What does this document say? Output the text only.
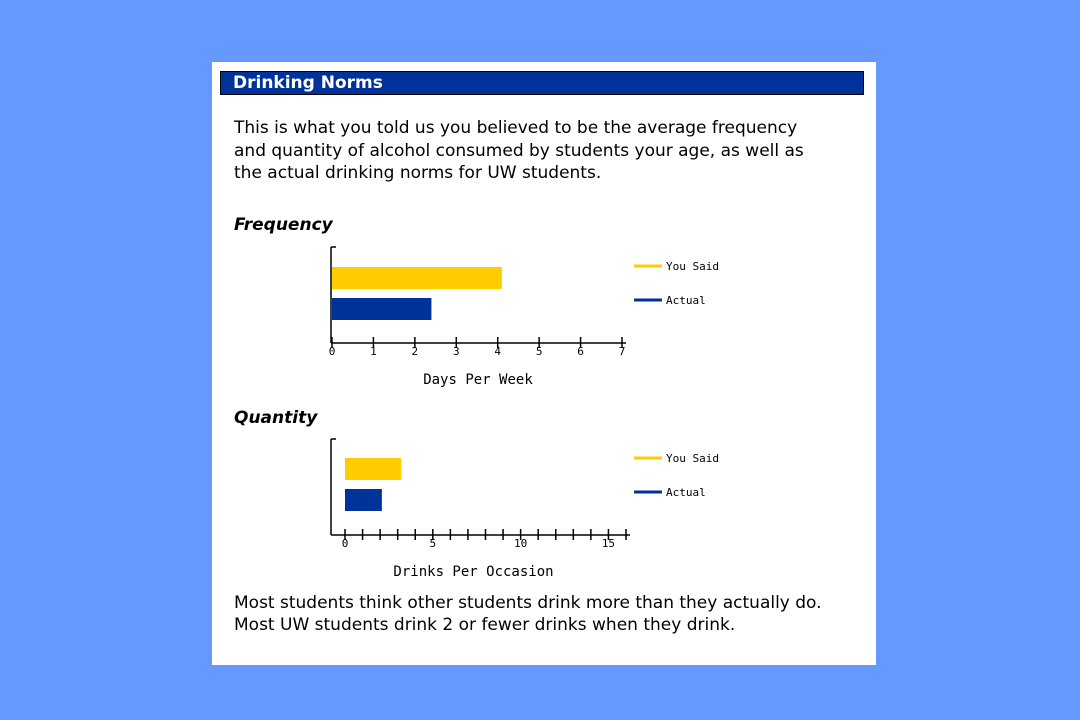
Drinking Norms

This is what you told us you believed to be the average frequency and quantity of alcohol consumed by students your age, as well as the actual drinking norms for UW students.

Frequency
0	1	2	3	4	5	6	7
Days Per Week
You Said
Actual
Quantity
0	5	10	15
Drinks Per Occasion
You Said
Actual

Most students think other students drink more than they actually do. Most UW students drink 2 or fewer drinks when they drink.
